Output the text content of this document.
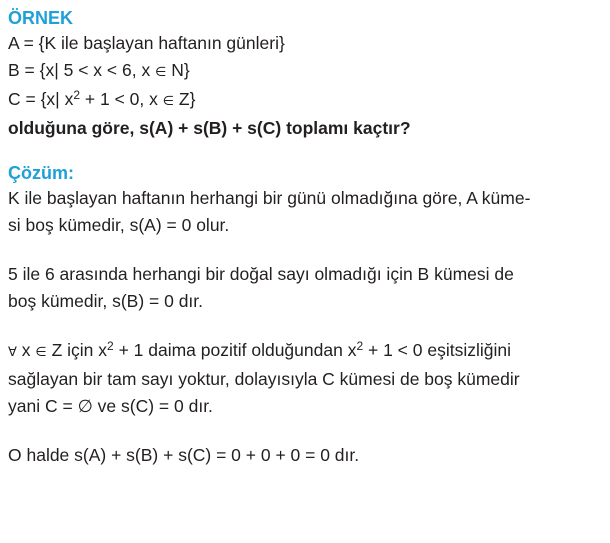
ÖRNEK

A = {K ile başlayan haftanın günleri}

B = {x| 5 < x < 6, x ∈ N}

C = {x| $x^2 + 1 < 0$, x ∈ Z}

olduğuna göre, s(A) + s(B) + s(C) toplamı kaçtır?

Çözüm:

K ile başlayan haftanın herhangi bir günü olmadığına göre, A küme-

si boş kümedir, s(A) = 0 olur.

5 ile 6 arasında herhangi bir doğal sayı olmadığı için B kümesi de

boş kümedir, s(B) = 0 dır.

∀ x ∈ Z için $x^2 + 1$ daima pozitif olduğundan $x^2 + 1 < 0$ eşitsizliğini

sağlayan bir tam sayı yoktur, dolayısıyla C kümesi de boş kümedir

yani C = ∅ ve s(C) = 0 dır.

O halde s(A) + s(B) + s(C) = 0 + 0 + 0 = 0 dır.
